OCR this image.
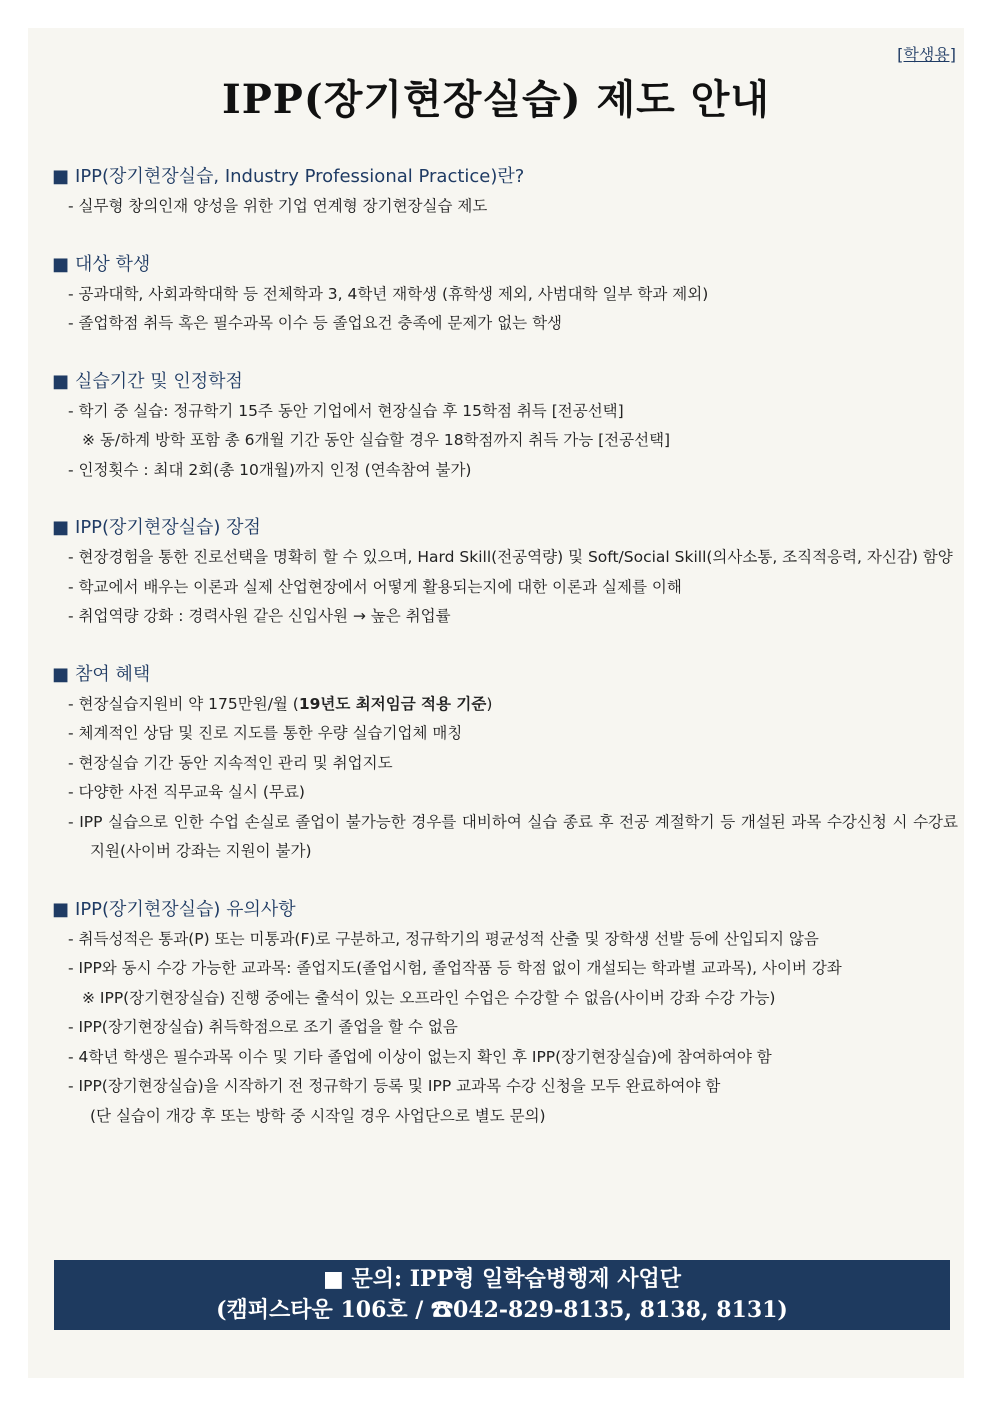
[학생용]
IPP(장기현장실습) 제도 안내
■ IPP(장기현장실습, Industry Professional Practice)란?
- 실무형 창의인재 양성을 위한 기업 연계형 장기현장실습 제도
■ 대상 학생
- 공과대학, 사회과학대학 등 전체학과 3, 4학년 재학생 (휴학생 제외, 사범대학 일부 학과 제외)
- 졸업학점 취득 혹은 필수과목 이수 등 졸업요건 충족에 문제가 없는 학생
■ 실습기간 및 인정학점
- 학기 중 실습: 정규학기 15주 동안 기업에서 현장실습 후 15학점 취득 [전공선택]
※ 동/하계 방학 포함 총 6개월 기간 동안 실습할 경우 18학점까지 취득 가능 [전공선택]
- 인정횟수 : 최대 2회(총 10개월)까지 인정 (연속참여 불가)
■ IPP(장기현장실습) 장점
- 현장경험을 통한 진로선택을 명확히 할 수 있으며, Hard Skill(전공역량) 및 Soft/Social Skill(의사소통, 조직적응력, 자신감) 함양
- 학교에서 배우는 이론과 실제 산업현장에서 어떻게 활용되는지에 대한 이론과 실제를 이해
- 취업역량 강화 : 경력사원 같은 신입사원 → 높은 취업률
■ 참여 혜택
- 현장실습지원비 약 175만원/월 (19년도 최저임금 적용 기준)
- 체계적인 상담 및 진로 지도를 통한 우량 실습기업체 매칭
- 현장실습 기간 동안 지속적인 관리 및 취업지도
- 다양한 사전 직무교육 실시 (무료)
- IPP 실습으로 인한 수업 손실로 졸업이 불가능한 경우를 대비하여 실습 종료 후 전공 계절학기 등 개설된 과목 수강신청 시 수강료 지원(사이버 강좌는 지원이 불가)
■ IPP(장기현장실습) 유의사항
- 취득성적은 통과(P) 또는 미통과(F)로 구분하고, 정규학기의 평균성적 산출 및 장학생 선발 등에 산입되지 않음
- IPP와 동시 수강 가능한 교과목: 졸업지도(졸업시험, 졸업작품 등 학점 없이 개설되는 학과별 교과목), 사이버 강좌
※ IPP(장기현장실습) 진행 중에는 출석이 있는 오프라인 수업은 수강할 수 없음(사이버 강좌 수강 가능)
- IPP(장기현장실습) 취득학점으로 조기 졸업을 할 수 없음
- 4학년 학생은 필수과목 이수 및 기타 졸업에 이상이 없는지 확인 후 IPP(장기현장실습)에 참여하여야 함
- IPP(장기현장실습)을 시작하기 전 정규학기 등록 및 IPP 교과목 수강 신청을 모두 완료하여야 함
(단 실습이 개강 후 또는 방학 중 시작일 경우 사업단으로 별도 문의)
■ 문의: IPP형 일학습병행제 사업단
(캠퍼스타운 106호 / ☎042-829-8135, 8138, 8131)
